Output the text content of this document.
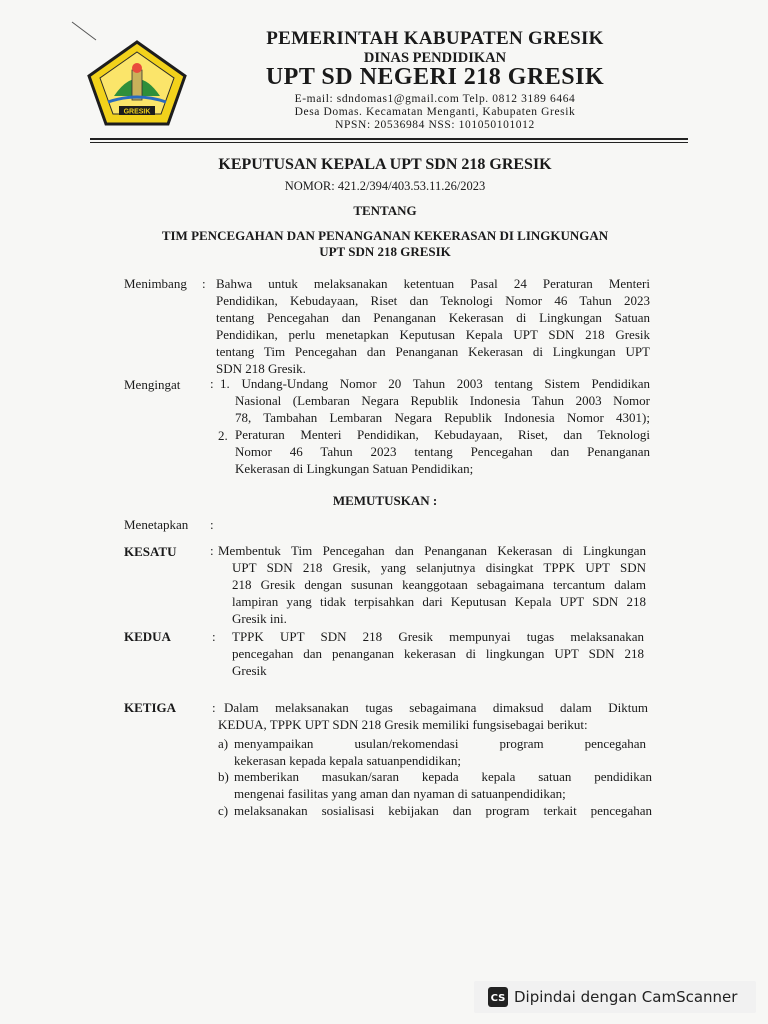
GRESIK
PEMERINTAH KABUPATEN GRESIK
DINAS PENDIDIKAN
UPT SD NEGERI 218 GRESIK
E-mail: sdndomas1@gmail.com Telp. 0812 3189 6464
Desa Domas. Kecamatan Menganti, Kabupaten Gresik
NPSN: 20536984 NSS: 101050101012
KEPUTUSAN KEPALA UPT SDN 218 GRESIK
NOMOR: 421.2/394/403.53.11.26/2023
TENTANG
TIM PENCEGAHAN DAN PENANGANAN KEKERASAN DI LINGKUNGAN
UPT SDN 218 GRESIK
Menimbang : Bahwa untuk melaksanakan ketentuan Pasal 24 Peraturan Menteri
Pendidikan, Kebudayaan, Riset dan Teknologi Nomor 46 Tahun 2023
tentang Pencegahan dan Penanganan Kekerasan di Lingkungan Satuan
Pendidikan, perlu menetapkan Keputusan Kepala UPT SDN 218 Gresik
tentang Tim Pencegahan dan Penanganan Kekerasan di Lingkungan UPT
SDN 218 Gresik.
Mengingat : 1. Undang-Undang Nomor 20 Tahun 2003 tentang Sistem Pendidikan
Nasional (Lembaran Negara Republik Indonesia Tahun 2003 Nomor
78, Tambahan Lembaran Negara Republik Indonesia Nomor 4301);
2. Peraturan Menteri Pendidikan, Kebudayaan, Riset, dan Teknologi
Nomor 46 Tahun 2023 tentang Pencegahan dan Penanganan
Kekerasan di Lingkungan Satuan Pendidikan;
MEMUTUSKAN :
Menetapkan :
KESATU	: Membentuk Tim Pencegahan dan Penanganan Kekerasan di Lingkungan
UPT SDN 218 Gresik, yang selanjutnya disingkat TPPK UPT SDN
218 Gresik dengan susunan keanggotaan sebagaimana tercantum dalam
lampiran yang tidak terpisahkan dari Keputusan Kepala UPT SDN 218
Gresik ini.
KEDUA	: TPPK UPT SDN 218 Gresik mempunyai tugas melaksanakan
pencegahan dan penanganan kekerasan di lingkungan UPT SDN 218
Gresik
KETIGA	: Dalam melaksanakan tugas sebagaimana dimaksud dalam Diktum
KEDUA, TPPK UPT SDN 218 Gresik memiliki fungsisebagai berikut:
a) menyampaikan usulan/rekomendasi program pencegahan
kekerasan kepada kepala satuanpendidikan;
b) memberikan masukan/saran kepada kepala satuan pendidikan
mengenai fasilitas yang aman dan nyaman di satuanpendidikan;
c) melaksanakan sosialisasi kebijakan dan program terkait pencegahan
CS Dipindai dengan CamScanner
